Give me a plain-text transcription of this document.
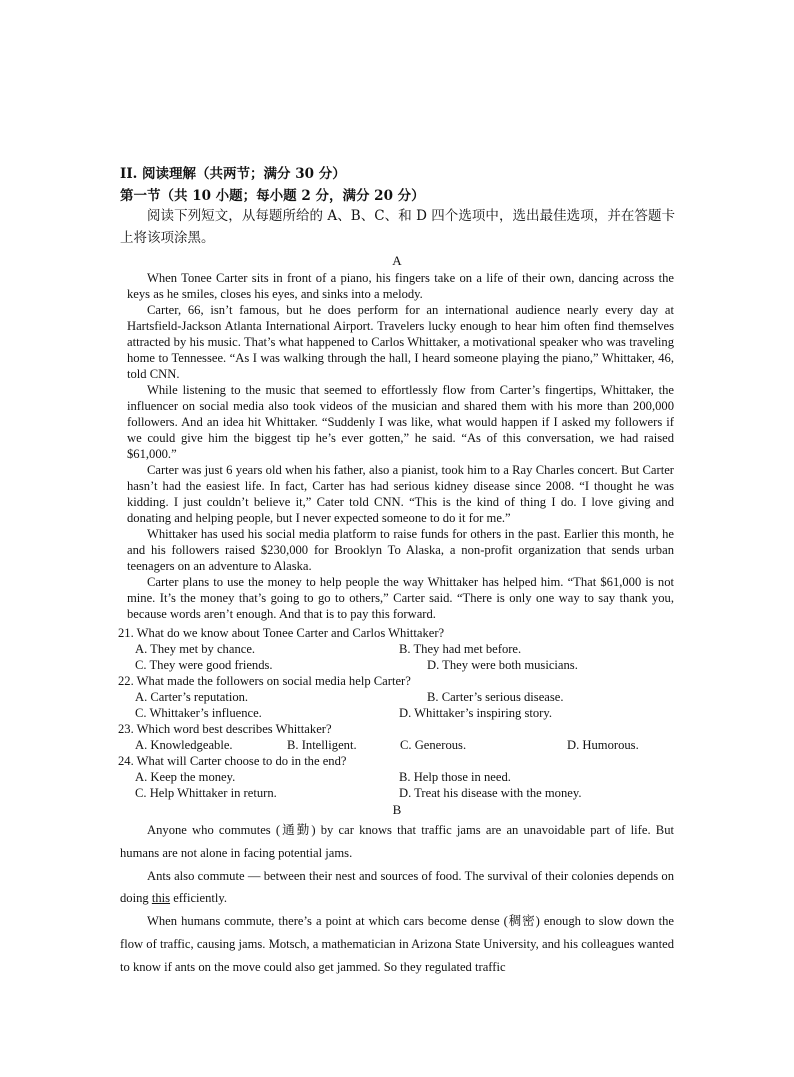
II. 阅读理解（共两节；满分 30 分）
第一节（共 10 小题；每小题 2 分，满分 20 分）
阅读下列短文，从每题所给的 A、B、C、和 D 四个选项中，选出最佳选项，并在答题卡上将该项涂黑。
A

When Tonee Carter sits in front of a piano, his fingers take on a life of their own, dancing across the keys as he smiles, closes his eyes, and sinks into a melody.

Carter, 66, isn’t famous, but he does perform for an international audience nearly every day at Hartsfield-Jackson Atlanta International Airport. Travelers lucky enough to hear him often find themselves attracted by his music. That’s what happened to Carlos Whittaker, a motivational speaker who was traveling home to Tennessee. “As I was walking through the hall, I heard someone playing the piano,” Whittaker, 46, told CNN.

While listening to the music that seemed to effortlessly flow from Carter’s fingertips, Whittaker, the influencer on social media also took videos of the musician and shared them with his more than 200,000 followers. And an idea hit Whittaker. “Suddenly I was like, what would happen if I asked my followers if we could give him the biggest tip he’s ever gotten,” he said. “As of this conversation, we had raised $61,000.”

Carter was just 6 years old when his father, also a pianist, took him to a Ray Charles concert. But Carter hasn’t had the easiest life. In fact, Carter has had serious kidney disease since 2008. “I thought he was kidding. I just couldn’t believe it,” Cater told CNN. “This is the kind of thing I do. I love giving and donating and helping people, but I never expected someone to do it for me.”

Whittaker has used his social media platform to raise funds for others in the past. Earlier this month, he and his followers raised $230,000 for Brooklyn To Alaska, a non-profit organization that sends urban teenagers on an adventure to Alaska.

Carter plans to use the money to help people the way Whittaker has helped him. “That $61,000 is not mine. It’s the money that’s going to go to others,” Carter said. “There is only one way to say thank you, because words aren’t enough. And that is to pay this forward.

21. What do we know about Tonee Carter and Carlos Whittaker?
A. They met by chance.	B. They had met before.
C. They were good friends.	D. They were both musicians.
22. What made the followers on social media help Carter?
A. Carter’s reputation.	B. Carter’s serious disease.
C. Whittaker’s influence.	D. Whittaker’s inspiring story.
23. Which word best describes Whittaker?
A. Knowledgeable.	B. Intelligent.	C. Generous.	D. Humorous.
24. What will Carter choose to do in the end?
A. Keep the money.	B. Help those in need.
C. Help Whittaker in return.	D. Treat his disease with the money.
B

Anyone who commutes (通勤) by car knows that traffic jams are an unavoidable part of life. But humans are not alone in facing potential jams.

Ants also commute — between their nest and sources of food. The survival of their colonies depends on doing this efficiently.

When humans commute, there’s a point at which cars become dense (稠密) enough to slow down the flow of traffic, causing jams. Motsch, a mathematician in Arizona State University, and his colleagues wanted to know if ants on the move could also get jammed. So they regulated traffic
